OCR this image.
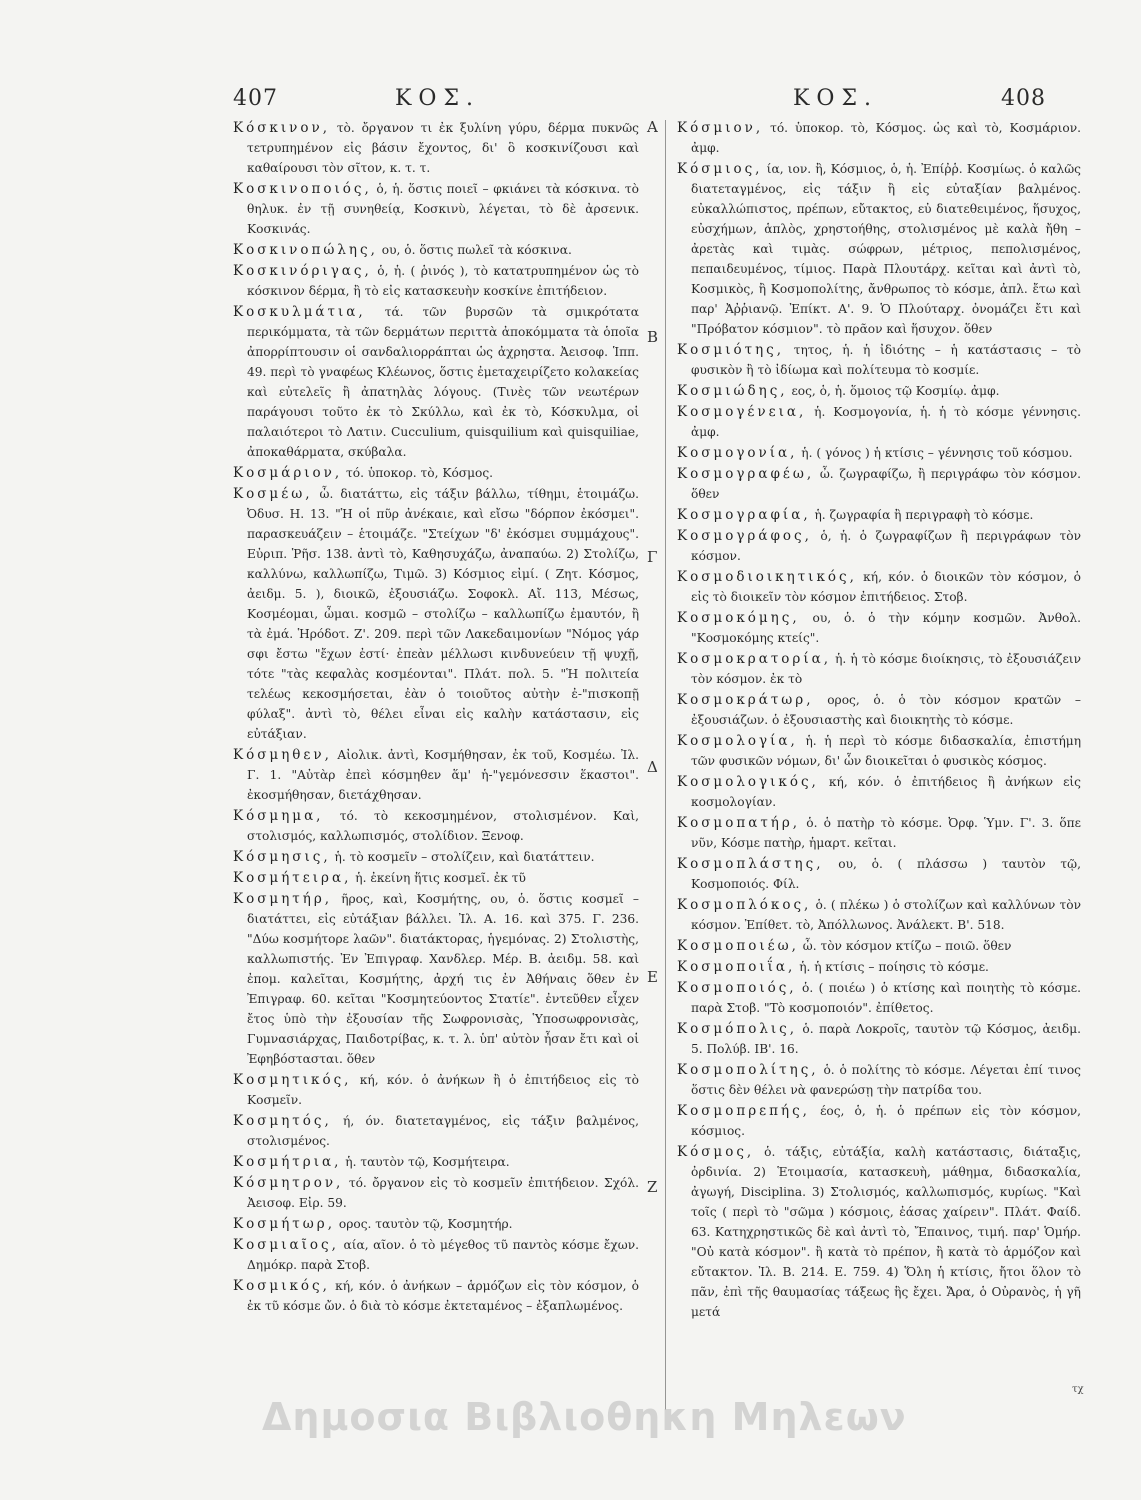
407	ΚΟΣ.	ΚΟΣ.	408

Κόσκινον, τὸ. ὄργανον τι ἐκ ξυλίνη γύρυ, δέρμα πυκνῶς τετρυπημένον εἰς βάσιν ἔχοντος, δι' ὃ κοσκινίζουσι καὶ καθαίρουσι τὸν σῖτον, κ. τ. τ.

Κοσκινοποιός, ὁ, ἡ. ὅστις ποιεῖ – φκιάνει τὰ κόσκινα. τὸ θηλυκ. ἐν τῇ συνηθείᾳ, Κοσκινὺ, λέγεται, τὸ δὲ ἀρσενικ. Κοσκινάς.

Κοσκινοπώλης, ου, ὁ. ὅστις πωλεῖ τὰ κόσκινα.

Κοσκινόριγας, ὁ, ἡ. ( ῥινός ), τὸ κατατρυπημένον ὡς τὸ κόσκινον δέρμα, ἢ τὸ εἰς κατασκευὴν κοσκίνε ἐπιτήδειον.

Κοσκυλμάτια, τά. τῶν βυρσῶν τὰ σμικρότατα περικόμματα, τὰ τῶν δερμάτων περιττὰ ἀποκόμματα τὰ ὁποῖα ἀπορρίπτουσιν οἱ σανδαλιορράπται ὡς ἀχρηστα. Ἀεισοφ. Ἱππ. 49. περὶ τὸ γναφέως Κλέωνος, ὅστις ἐμεταχειρίζετο κολακείας καὶ εὐτελεῖς ἢ ἀπατηλὰς λόγους. (Τινὲς τῶν νεωτέρων παράγουσι τοῦτο ἐκ τὸ Σκύλλω, καὶ ἐκ τὸ, Κόσκυλμα, οἱ παλαιότεροι τὸ Λατιν. Cucculium, quisquilium καὶ quisquiliae, ἀποκαθάρματα, σκύβαλα.

Κοσμάριον, τό. ὑποκορ. τὸ, Κόσμος.

Κοσμέω, ὦ. διατάττω, εἰς τάξιν βάλλω, τίθημι, ἑτοιμάζω. Ὀδυσ. Η. 13. "Ἡ οἱ πῦρ ἀνέκαιε, καὶ εἴσω "δόρπον ἐκόσμει". παρασκευάζειν – ἑτοιμάζε. "Στείχων "δ' ἐκόσμει συμμάχους". Εὐριπ. Ῥῆσ. 138. ἀντὶ τὸ, Καθησυχάζω, ἀναπαύω. 2) Στολίζω, καλλύνω, καλλωπίζω, Τιμῶ. 3) Κόσμιος εἰμί. ( Ζητ. Κόσμος, ἀειδμ. 5. ), διοικῶ, ἐξουσιάζω. Σοφοκλ. Αἴ. 113, Μέσως, Κοσμέομαι, ὦμαι. κοσμῶ – στολίζω – καλλωπίζω ἐμαυτόν, ἢ τὰ ἐμά. Ἡρόδοτ. Ζ'. 209. περὶ τῶν Λακεδαιμονίων "Νόμος γάρ σφι ἔστω "ἔχων ἐστί· ἐπεὰν μέλλωσι κινδυνεύειν τῇ ψυχῇ, τότε "τὰς κεφαλὰς κοσμέονται". Πλάτ. πολ. 5. "Ἡ πολιτεία τελέως κεκοσμήσεται, ἐὰν ὁ τοιοῦτος αὐτὴν ἐ-"πισκοπῇ φύλαξ". ἀντὶ τὸ, θέλει εἶναι εἰς καλὴν κατάστασιν, εἰς εὐτάξιαν.

Κόσμηθεν, Αἰολικ. ἀντὶ, Κοσμήθησαν, ἐκ τοῦ, Κοσμέω. Ἰλ. Γ. 1. "Αὐτὰρ ἐπεὶ κόσμηθεν ἅμ' ἡ-"γεμόνεσσιν ἕκαστοι". ἐκοσμήθησαν, διετάχθησαν.

Κόσμημα, τό. τὸ κεκοσμημένον, στολισμένον. Καὶ, στολισμός, καλλωπισμός, στολίδιον. Ξενοφ.

Κόσμησις, ἡ. τὸ κοσμεῖν – στολίζειν, καὶ διατάττειν.

Κοσμήτειρα, ἡ. ἐκείνη ἥτις κοσμεῖ. ἐκ τῦ

Κοσμητήρ, ῆρος, καὶ, Κοσμήτης, ου, ὁ. ὅστις κοσμεῖ – διατάττει, εἰς εὐτάξιαν βάλλει. Ἰλ. Α. 16. καὶ 375. Γ. 236. "Δύω κοσμήτορε λαῶν". διατάκτορας, ἡγεμόνας. 2) Στολιστὴς, καλλωπιστής. Ἐν Ἐπιγραφ. Χανδλερ. Μέρ. Β. ἀειδμ. 58. καὶ ἐπομ. καλεῖται, Κοσμήτης, ἀρχή τις ἐν Ἀθήναις ὅθεν ἐν Ἐπιγραφ. 60. κεῖται "Κοσμητεύοντος Στατίε". ἐντεῦθεν εἶχεν ἔτος ὑπὸ τὴν ἐξουσίαν τῆς Σωφρονισὰς, Ὑποσωφρονισὰς, Γυμνασιάρχας, Παιδοτρίβας, κ. τ. λ. ὑπ' αὐτὸν ἦσαν ἔτι καὶ οἱ Ἐφηβόστασται. ὅθεν

Κοσμητικός, κή, κόν. ὁ ἀνήκων ἢ ὁ ἐπιτήδειος εἰς τὸ Κοσμεῖν.

Κοσμητός, ή, όν. διατεταγμένος, εἰς τάξιν βαλμένος, στολισμένος.

Κοσμήτρια, ἡ. ταυτὸν τῷ, Κοσμήτειρα.

Κόσμητρον, τό. ὄργανον εἰς τὸ κοσμεῖν ἐπιτήδειον. Σχόλ. Ἀεισοφ. Εἰρ. 59.

Κοσμήτωρ, ορος. ταυτὸν τῷ, Κοσμητήρ.

Κοσμιαῖος, αία, αῖον. ὁ τὸ μέγεθος τῦ παντὸς κόσμε ἔχων. Δημόκρ. παρὰ Στοβ.

Κοσμικός, κή, κόν. ὁ ἀνήκων – ἁρμόζων εἰς τὸν κόσμον, ὁ ἐκ τῦ κόσμε ὤν. ὁ διὰ τὸ κόσμε ἐκτεταμένος – ἐξαπλωμένος.

Α
Β
Γ
Δ
Ε
Ζ

Κόσμιον, τό. ὑποκορ. τὸ, Κόσμος. ὡς καὶ τὸ, Κοσμάριον. ἀμφ.

Κόσμιος, ία, ιον. ἢ, Κόσμιος, ὁ, ἡ. Ἐπίῤῥ. Κοσμίως. ὁ καλῶς διατεταγμένος, εἰς τάξιν ἢ εἰς εὐταξίαν βαλμένος. εὐκαλλώπιστος, πρέπων, εὔτακτος, εὐ διατεθειμένος, ἥσυχος, εὐσχήμων, ἁπλὸς, χρηστοήθης, στολισμένος μὲ καλὰ ἤθη – ἀρετὰς καὶ τιμὰς. σώφρων, μέτριος, πεπολισμένος, πεπαιδευμένος, τίμιος. Παρὰ Πλουτάρχ. κεῖται καὶ ἀντὶ τὸ, Κοσμικὸς, ἢ Κοσμοπολίτης, ἄνθρωπος τὸ κόσμε, ἀπλ. ἔτω καὶ παρ' Ἀῤῥιανῷ. Ἐπίκτ. Α'. 9. Ὁ Πλούταρχ. ὀνομάζει ἔτι καὶ "Πρόβατον κόσμιον". τὸ πρᾶον καὶ ἥσυχον. ὅθεν

Κοσμιότης, τητος, ἡ. ἡ ἰδιότης – ἡ κατάστασις – τὸ φυσικὸν ἢ τὸ ἰδίωμα καὶ πολίτευμα τὸ κοσμίε.

Κοσμιώδης, εος, ὁ, ἡ. ὅμοιος τῷ Κοσμίῳ. ἀμφ.

Κοσμογένεια, ἡ. Κοσμογονία, ἡ. ἡ τὸ κόσμε γέννησις. ἀμφ.

Κοσμογονία, ἡ. ( γόνος ) ἡ κτίσις – γέννησις τοῦ κόσμου.

Κοσμογραφέω, ὦ. ζωγραφίζω, ἢ περιγράφω τὸν κόσμον. ὅθεν

Κοσμογραφία, ἡ. ζωγραφία ἢ περιγραφὴ τὸ κόσμε.

Κοσμογράφος, ὁ, ἡ. ὁ ζωγραφίζων ἢ περιγράφων τὸν κόσμον.

Κοσμοδιοικητικός, κή, κόν. ὁ διοικῶν τὸν κόσμον, ὁ εἰς τὸ διοικεῖν τὸν κόσμον ἐπιτήδειος. Στοβ.

Κοσμοκόμης, ου, ὁ. ὁ τὴν κόμην κοσμῶν. Ἀνθολ. "Κοσμοκόμης κτείς".

Κοσμοκρατορία, ἡ. ἡ τὸ κόσμε διοίκησις, τὸ ἐξουσιάζειν τὸν κόσμον. ἐκ τὸ

Κοσμοκράτωρ, ορος, ὁ. ὁ τὸν κόσμον κρατῶν – ἐξουσιάζων. ὁ ἐξουσιαστὴς καὶ διοικητὴς τὸ κόσμε.

Κοσμολογία, ἡ. ἡ περὶ τὸ κόσμε διδασκαλία, ἐπιστήμη τῶν φυσικῶν νόμων, δι' ὧν διοικεῖται ὁ φυσικὸς κόσμος.

Κοσμολογικός, κή, κόν. ὁ ἐπιτήδειος ἢ ἀνήκων εἰς κοσμολογίαν.

Κοσμοπατήρ, ὁ. ὁ πατὴρ τὸ κόσμε. Ὀρφ. Ὑμν. Γ'. 3. ὅπε νῦν, Κόσμε πατὴρ, ἡμαρτ. κεῖται.

Κοσμοπλάστης, ου, ὁ. ( πλάσσω ) ταυτὸν τῷ, Κοσμοποιός. Φίλ.

Κοσμοπλόκος, ὁ. ( πλέκω ) ὁ στολίζων καὶ καλλύνων τὸν κόσμον. Ἐπίθετ. τὸ, Ἀπόλλωνος. Ἀνάλεκτ. Β'. 518.

Κοσμοποιέω, ὦ. τὸν κόσμον κτίζω – ποιῶ. ὅθεν

Κοσμοποιΐα, ἡ. ἡ κτίσις – ποίησις τὸ κόσμε.

Κοσμοποιός, ὁ. ( ποιέω ) ὁ κτίσης καὶ ποιητὴς τὸ κόσμε. παρὰ Στοβ. "Τὸ κοσμοποιόν". ἐπίθετος.

Κοσμόπολις, ὁ. παρὰ Λοκροῖς, ταυτὸν τῷ Κόσμος, ἀειδμ. 5. Πολύβ. ΙΒ'. 16.

Κοσμοπολίτης, ὁ. ὁ πολίτης τὸ κόσμε. Λέγεται ἐπί τινος ὅστις δὲν θέλει νὰ φανερώσῃ τὴν πατρίδα του.

Κοσμοπρεπής, έος, ὁ, ἡ. ὁ πρέπων εἰς τὸν κόσμον, κόσμιος.

Κόσμος, ὁ. τάξις, εὐτάξία, καλὴ κατάστασις, διάταξις, ὀρδινία. 2) Ἑτοιμασία, κατασκευὴ, μάθημα, διδασκαλία, ἀγωγή, Disciplina. 3) Στολισμός, καλλωπισμός, κυρίως. "Καὶ τοῖς ( περὶ τὸ "σῶμα ) κόσμοις, ἐάσας χαίρειν". Πλάτ. Φαίδ. 63. Κατηχρηστικῶς δὲ καὶ ἀντὶ τὸ, Ἔπαινος, τιμή. παρ' Ὁμήρ. "Οὐ κατὰ κόσμον". ἢ κατὰ τὸ πρέπον, ἢ κατὰ τὸ ἁρμόζον καὶ εὔτακτον. Ἰλ. Β. 214. Ε. 759. 4) Ὅλη ἡ κτίσις, ἤτοι ὅλον τὸ πᾶν, ἐπὶ τῆς θαυμασίας τάξεως ἣς ἔχει. Ἄρα, ὁ Οὐρανὸς, ἡ γῆ μετά

τχ
Δημοσια Βιβλιοθηκη Μηλεων
